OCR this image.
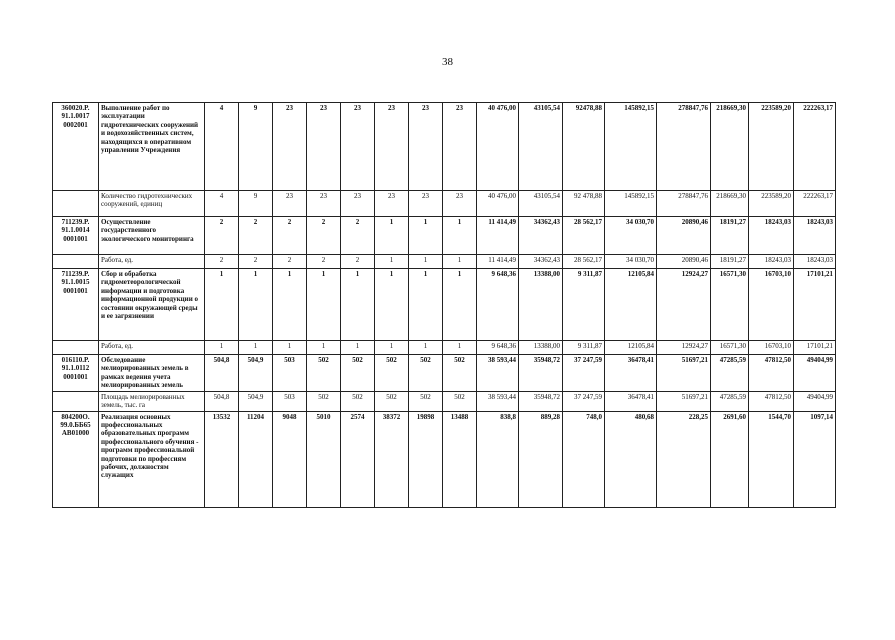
38
360020.P.
91.1.0017
0002001	Выполнение работ по эксплуатации гидротехнических сооружений и водохозяйственных систем, находящихся в оперативном управлении Учреждения	4	9	23	23	23	23	23	23	40 476,00	43105,54	92478,88	145892,15	278847,76	218669,30	223589,20	222263,17
	Количество гидротехнических сооружений, единиц	4	9	23	23	23	23	23	23	40 476,00	43105,54	92 478,88	145892,15	278847,76	218669,30	223589,20	222263,17
711239.P.
91.1.0014
0001001	Осуществление государственного экологического мониторинга	2	2	2	2	2	1	1	1	11 414,49	34362,43	28 562,17	34 030,70	20890,46	18191,27	18243,03	18243,03
	Работа, ед.	2	2	2	2	2	1	1	1	11 414,49	34362,43	28 562,17	34 030,70	20890,46	18191,27	18243,03	18243,03
711239.P.
91.1.0015
0001001	Сбор и обработка гидрометеорологической информации и подготовка информационной продукции о состоянии окружающей среды и ее загрязнении	1	1	1	1	1	1	1	1	9 648,36	13388,00	9 311,87	12105,84	12924,27	16571,30	16703,10	17101,21
	Работа, ед.	1	1	1	1	1	1	1	1	9 648,36	13388,00	9 311,87	12105,84	12924,27	16571,30	16703,10	17101,21
016110.P.
91.1.0112
0001001	Обследование мелиорированных земель в рамках ведения учета мелиорированных земель	504,8	504,9	503	502	502	502	502	502	38 593,44	35948,72	37 247,59	36478,41	51697,21	47285,59	47812,50	49404,99
	Площадь мелиорированных земель, тыс. га	504,8	504,9	503	502	502	502	502	502	38 593,44	35948,72	37 247,59	36478,41	51697,21	47285,59	47812,50	49404,99
804200O.
99.0.ББ65
АВ01000	Реализация основных профессиональных образовательных программ профессионального обучения - программ профессиональной подготовки по профессиям рабочих, должностям служащих	13532	11204	9048	5010	2574	38372	19898	13488	838,8	889,28	748,0	480,68	228,25	2691,60	1544,70	1097,14
